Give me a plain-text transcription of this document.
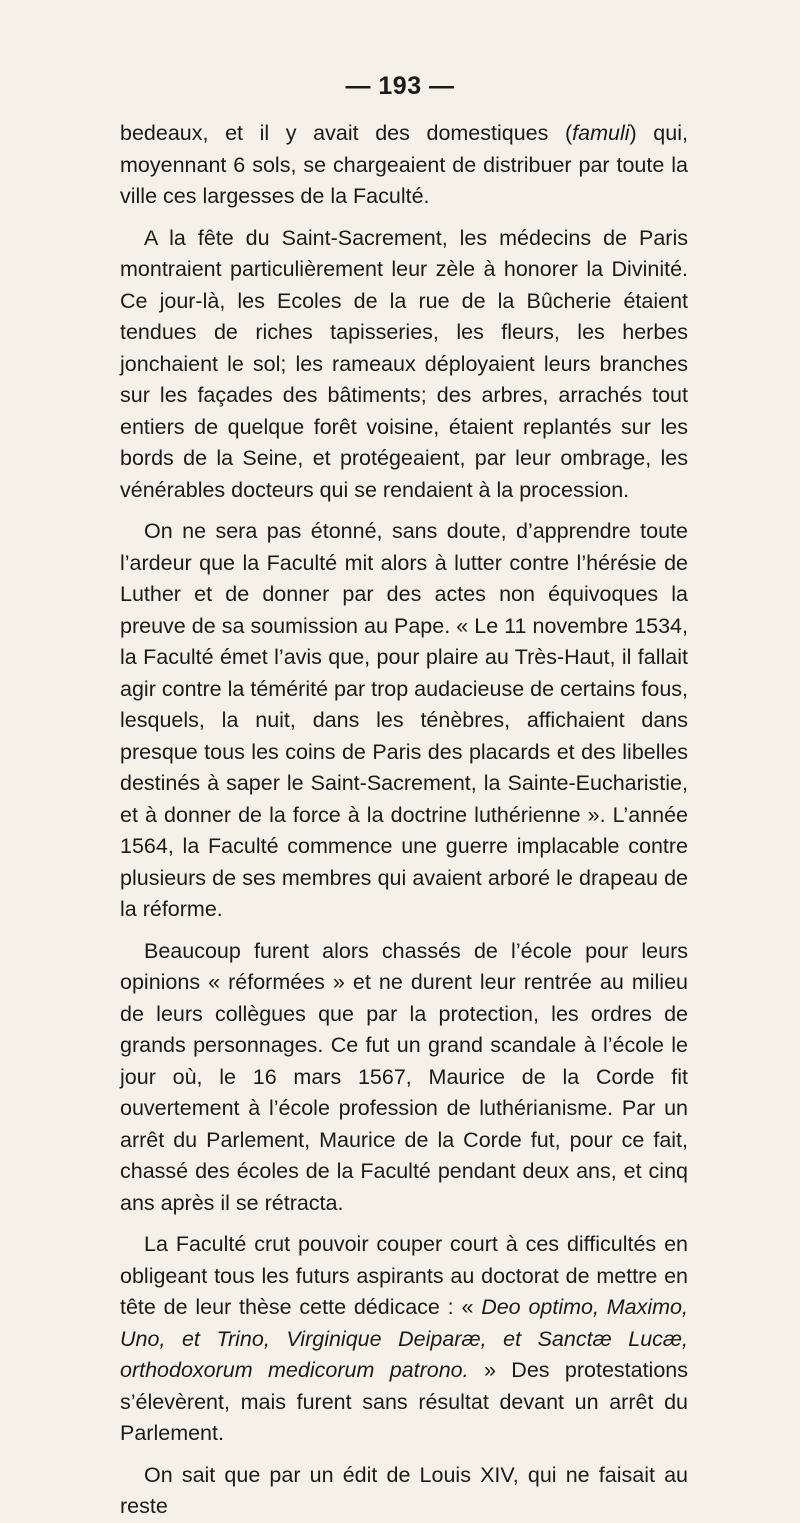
— 193 —

bedeaux, et il y avait des domestiques (famuli) qui, moyennant 6 sols, se chargeaient de distribuer par toute la ville ces largesses de la Faculté.

A la fête du Saint-Sacrement, les médecins de Paris montraient particulièrement leur zèle à honorer la Divinité. Ce jour-là, les Ecoles de la rue de la Bûcherie étaient tendues de riches tapisseries, les fleurs, les herbes jonchaient le sol; les rameaux déployaient leurs branches sur les façades des bâtiments; des arbres, arrachés tout entiers de quelque forêt voisine, étaient replantés sur les bords de la Seine, et protégeaient, par leur ombrage, les vénérables docteurs qui se rendaient à la procession.

On ne sera pas étonné, sans doute, d’apprendre toute l’ardeur que la Faculté mit alors à lutter contre l’hérésie de Luther et de donner par des actes non équivoques la preuve de sa soumission au Pape. « Le 11 novembre 1534, la Faculté émet l’avis que, pour plaire au Très-Haut, il fallait agir contre la témérité par trop audacieuse de certains fous, lesquels, la nuit, dans les ténèbres, affichaient dans presque tous les coins de Paris des placards et des libelles destinés à saper le Saint-Sacrement, la Sainte-Eucharistie, et à donner de la force à la doctrine luthérienne ». L’année 1564, la Faculté commence une guerre implacable contre plusieurs de ses membres qui avaient arboré le drapeau de la réforme.

Beaucoup furent alors chassés de l’école pour leurs opinions « réformées » et ne durent leur rentrée au milieu de leurs collègues que par la protection, les ordres de grands personnages. Ce fut un grand scandale à l’école le jour où, le 16 mars 1567, Maurice de la Corde fit ouvertement à l’école profession de luthérianisme. Par un arrêt du Parlement, Maurice de la Corde fut, pour ce fait, chassé des écoles de la Faculté pendant deux ans, et cinq ans après il se rétracta.

La Faculté crut pouvoir couper court à ces difficultés en obligeant tous les futurs aspirants au doctorat de mettre en tête de leur thèse cette dédicace : « Deo optimo, Maximo, Uno, et Trino, Virginique Deiparæ, et Sanctæ Lucæ, orthodoxorum medicorum patrono. » Des protestations s’élevèrent, mais furent sans résultat devant un arrêt du Parlement.

On sait que par un édit de Louis XIV, qui ne faisait au reste
